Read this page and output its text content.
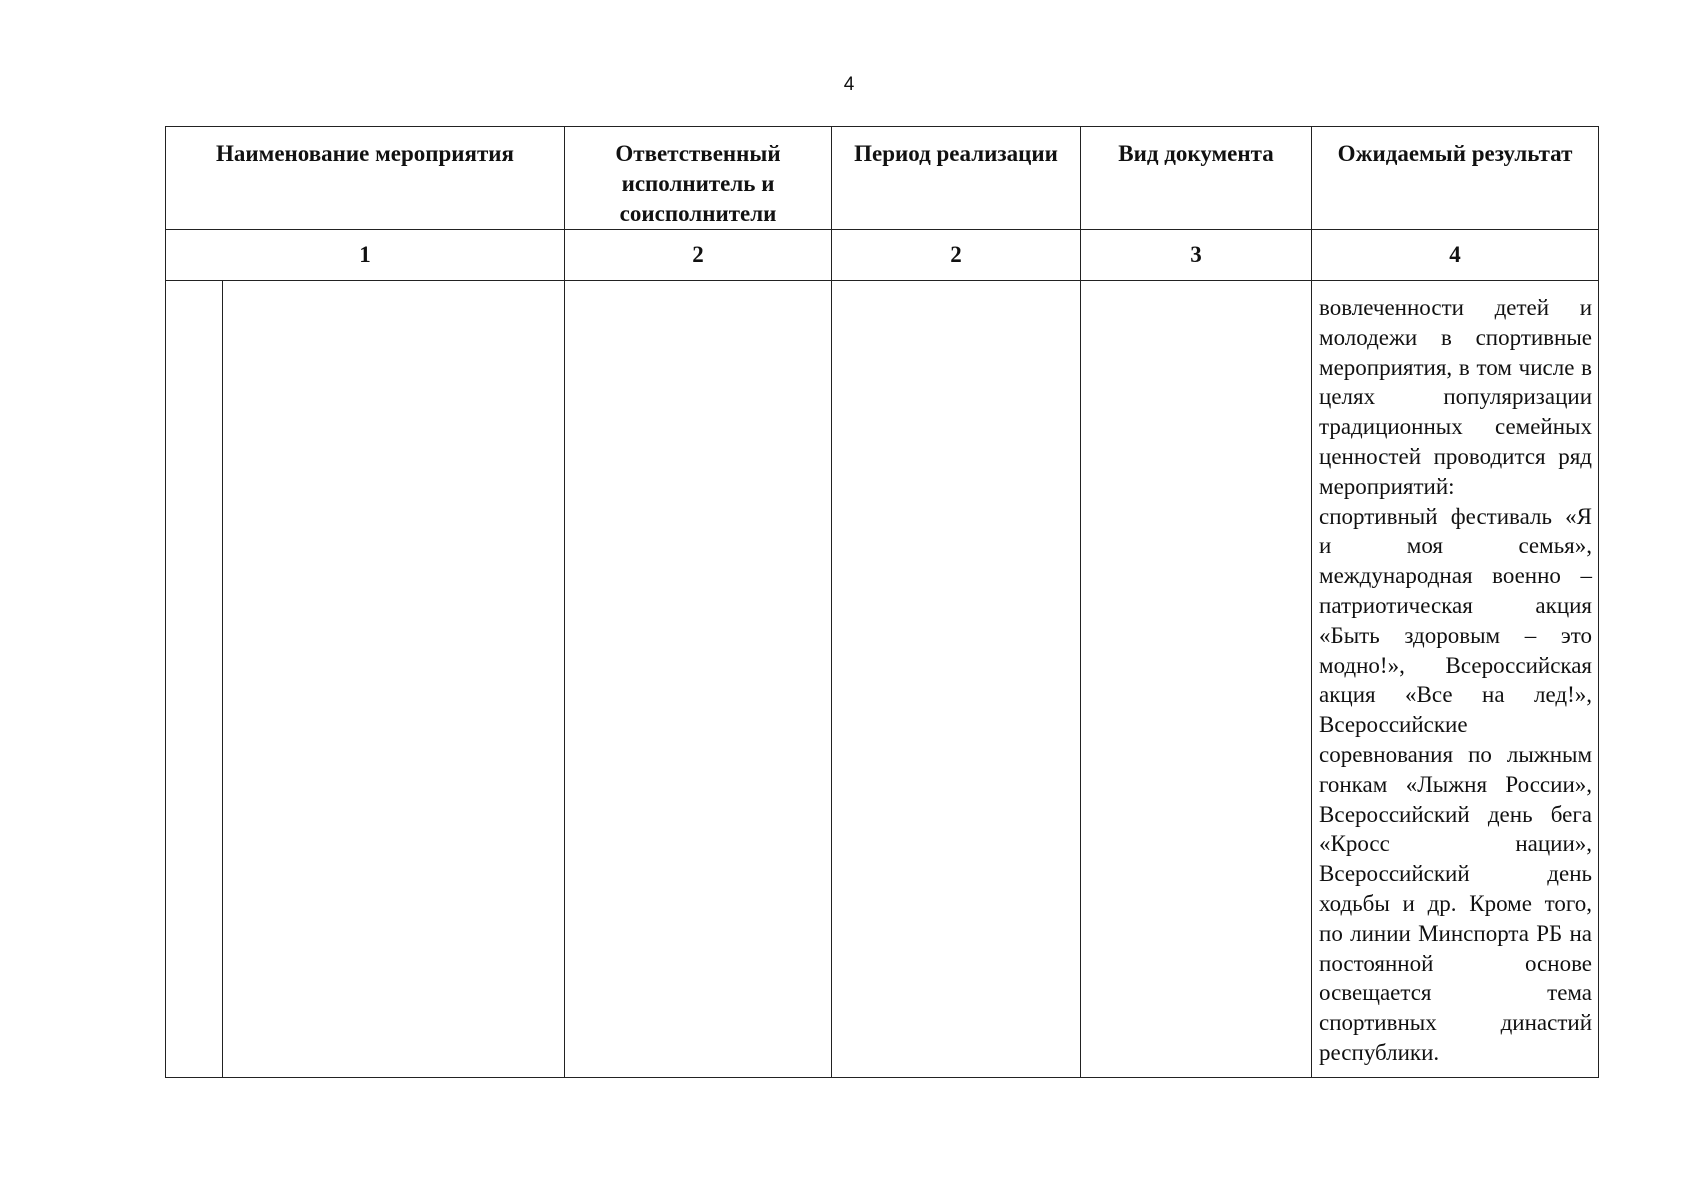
4
Наименование мероприятия		Ответственный исполнитель и соисполнители	Период реализации	Вид документа	Ожидаемый результат
1		2	2	3	4

					вовлеченности детей и молодежи в спортивные мероприятия, в том числе в целях популяризации традиционных семейных ценностей проводится ряд мероприятий:

спортивный фестиваль «Я и моя семья», международная военно – патриотическая акция «Быть здоровым – это модно!», Всероссийская акция «Все на лед!», Всероссийские соревнования по лыжным гонкам «Лыжня России», Всероссийский день бега «Кросс нации», Всероссийский день ходьбы и др. Кроме того, по линии Минспорта РБ на постоянной основе освещается тема спортивных династий республики.
